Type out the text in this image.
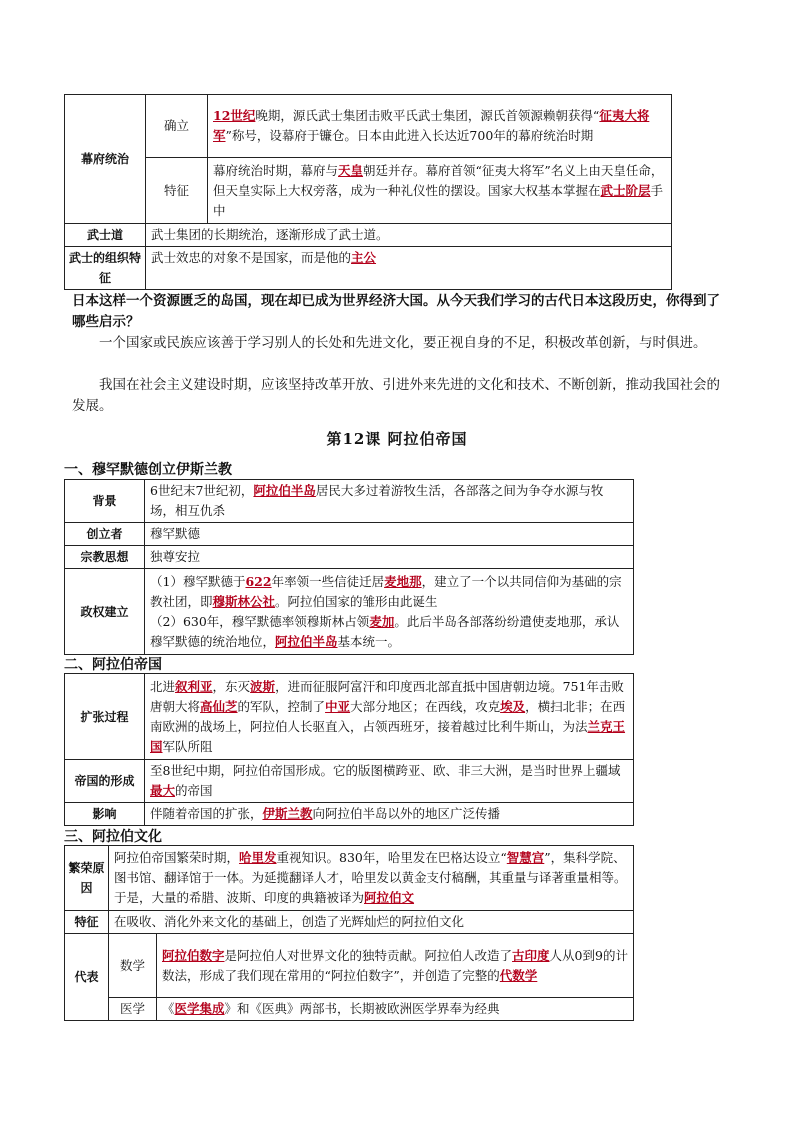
幕府统治	确立	12世纪晚期，源氏武士集团击败平氏武士集团，源氏首领源赖朝获得“征夷大将军”称号，设幕府于镰仓。日本由此进入长达近700年的幕府统治时期
	特征	幕府统治时期，幕府与天皇朝廷并存。幕府首领“征夷大将军”名义上由天皇任命，但天皇实际上大权旁落，成为一种礼仪性的摆设。国家大权基本掌握在武士阶层手中
武士道	武士集团的长期统治，逐渐形成了武士道。	
武士的组织特征	武士效忠的对象不是国家，而是他的主公	
日本这样一个资源匮乏的岛国，现在却已成为世界经济大国。从今天我们学习的古代日本这段历史，你得到了哪些启示？
一个国家或民族应该善于学习别人的长处和先进文化，要正视自身的不足，积极改革创新，与时俱进。
我国在社会主义建设时期，应该坚持改革开放、引进外来先进的文化和技术、不断创新，推动我国社会的发展。
第12课 阿拉伯帝国
一、穆罕默德创立伊斯兰教
背景	6世纪末7世纪初，阿拉伯半岛居民大多过着游牧生活，各部落之间为争夺水源与牧场，相互仇杀
创立者	穆罕默德
宗教思想	独尊安拉
政权建立	（1）穆罕默德于622年率领一些信徒迁居麦地那，建立了一个以共同信仰为基础的宗教社团，即穆斯林公社。阿拉伯国家的雏形由此诞生
（2）630年，穆罕默德率领穆斯林占领麦加。此后半岛各部落纷纷遣使麦地那，承认穆罕默德的统治地位，阿拉伯半岛基本统一。
二、阿拉伯帝国
扩张过程	北进叙利亚，东灭波斯，进而征服阿富汗和印度西北部直抵中国唐朝边境。751年击败唐朝大将高仙芝的军队，控制了中亚大部分地区；在西线，攻克埃及，横扫北非；在西南欧洲的战场上，阿拉伯人长驱直入，占领西班牙，接着越过比利牛斯山，为法兰克王国军队所阻
帝国的形成	至8世纪中期，阿拉伯帝国形成。它的版图横跨亚、欧、非三大洲，是当时世界上疆域最大的帝国
影响	伴随着帝国的扩张，伊斯兰教向阿拉伯半岛以外的地区广泛传播
三、阿拉伯文化
繁荣原因	阿拉伯帝国繁荣时期，哈里发重视知识。830年，哈里发在巴格达设立“智慧宫”，集科学院、图书馆、翻译馆于一体。为延揽翻译人才，哈里发以黄金支付稿酬，其重量与译著重量相等。于是，大量的希腊、波斯、印度的典籍被译为阿拉伯文	
特征	在吸收、消化外来文化的基础上，创造了光辉灿烂的阿拉伯文化	
代表	数学	阿拉伯数字是阿拉伯人对世界文化的独特贡献。阿拉伯人改造了古印度人从0到9的计数法，形成了我们现在常用的“阿拉伯数字”，并创造了完整的代数学
	医学	《医学集成》和《医典》两部书，长期被欧洲医学界奉为经典
